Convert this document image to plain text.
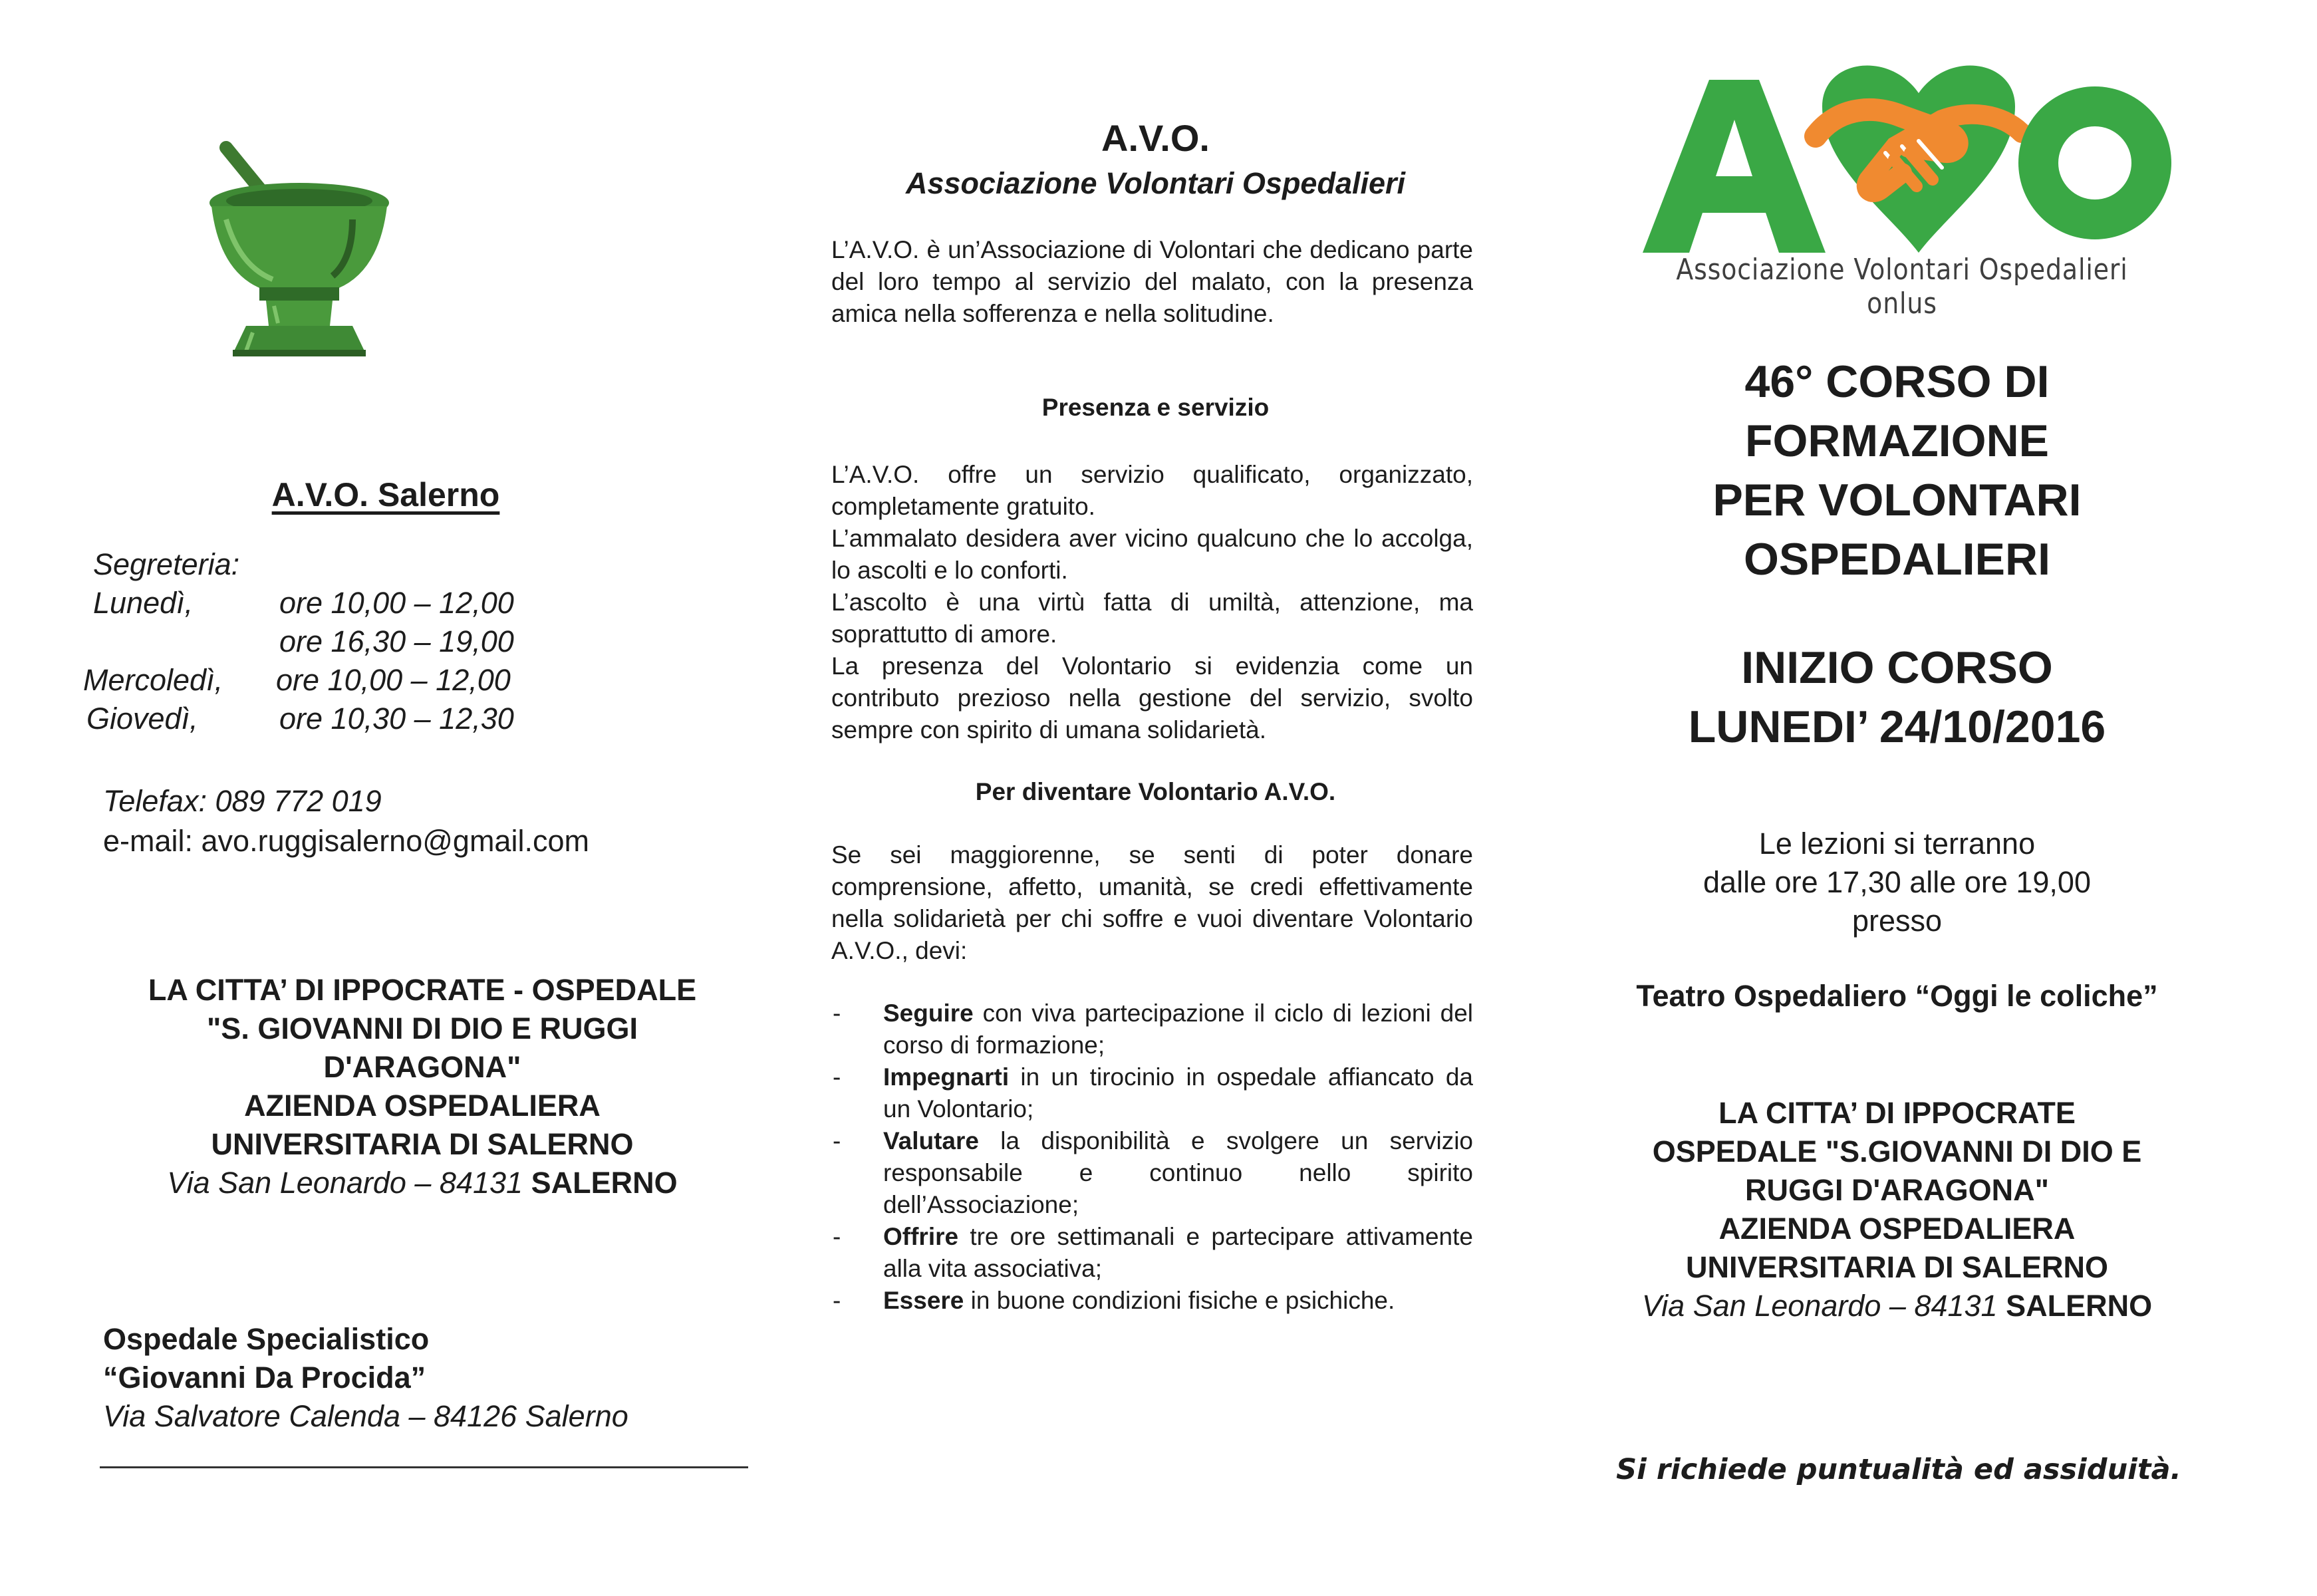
A.V.O. Salerno
Segreteria:
Lunedì,	ore 10,00 – 12,00
ore 16,30 – 19,00
Mercoledì, ore 10,00 – 12,00
Giovedì,	ore 10,30 – 12,30
Telefax: 089 772 019
e-mail: avo.ruggisalerno@gmail.com
LA CITTA’ DI IPPOCRATE - OSPEDALE
"S. GIOVANNI DI DIO E RUGGI
D'ARAGONA"
AZIENDA OSPEDALIERA
UNIVERSITARIA DI SALERNO
Via San Leonardo – 84131 SALERNO
Ospedale Specialistico
“Giovanni Da Procida”
Via Salvatore Calenda – 84126 Salerno
A.V.O.
Associazione Volontari Ospedalieri

L’A.V.O. è un’Associazione di Volontari che dedicano parte del loro tempo al servizio del malato, con la presenza amica nella sofferenza e nella solitudine.

Presenza e servizio

L’A.V.O. offre un servizio qualificato, organizzato, completamente gratuito.

L’ammalato desidera aver vicino qualcuno che lo accolga, lo ascolti e lo conforti.

L’ascolto è una virtù fatta di umiltà, attenzione, ma soprattutto di amore.

La presenza del Volontario si evidenzia come un contributo prezioso nella gestione del servizio, svolto sempre con spirito di umana solidarietà.

Per diventare Volontario A.V.O.

Se sei maggiorenne, se senti di poter donare comprensione, affetto, umanità, se credi effettivamente nella solidarietà per chi soffre e vuoi diventare Volontario A.V.O., devi:

- Seguire con viva partecipazione il ciclo di lezioni del corso di formazione;
- Impegnarti in un tirocinio in ospedale affiancato da un Volontario;
- Valutare la disponibilità e svolgere un servizio responsabile e continuo nello spirito dell’Associazione;
- Offrire tre ore settimanali e partecipare attivamente alla vita associativa;
- Essere in buone condizioni fisiche e psichiche.
Associazione Volontari Ospedalieri onlus
46° CORSO DI
FORMAZIONE
PER VOLONTARI
OSPEDALIERI
INIZIO CORSO
LUNEDI’ 24/10/2016
Le lezioni si terranno
dalle ore 17,30 alle ore 19,00
presso
Teatro Ospedaliero “Oggi le coliche”
LA CITTA’ DI IPPOCRATE
OSPEDALE "S.GIOVANNI DI DIO E
RUGGI D'ARAGONA"
AZIENDA OSPEDALIERA
UNIVERSITARIA DI SALERNO
Via San Leonardo – 84131 SALERNO
Si richiede puntualità ed assiduità.
